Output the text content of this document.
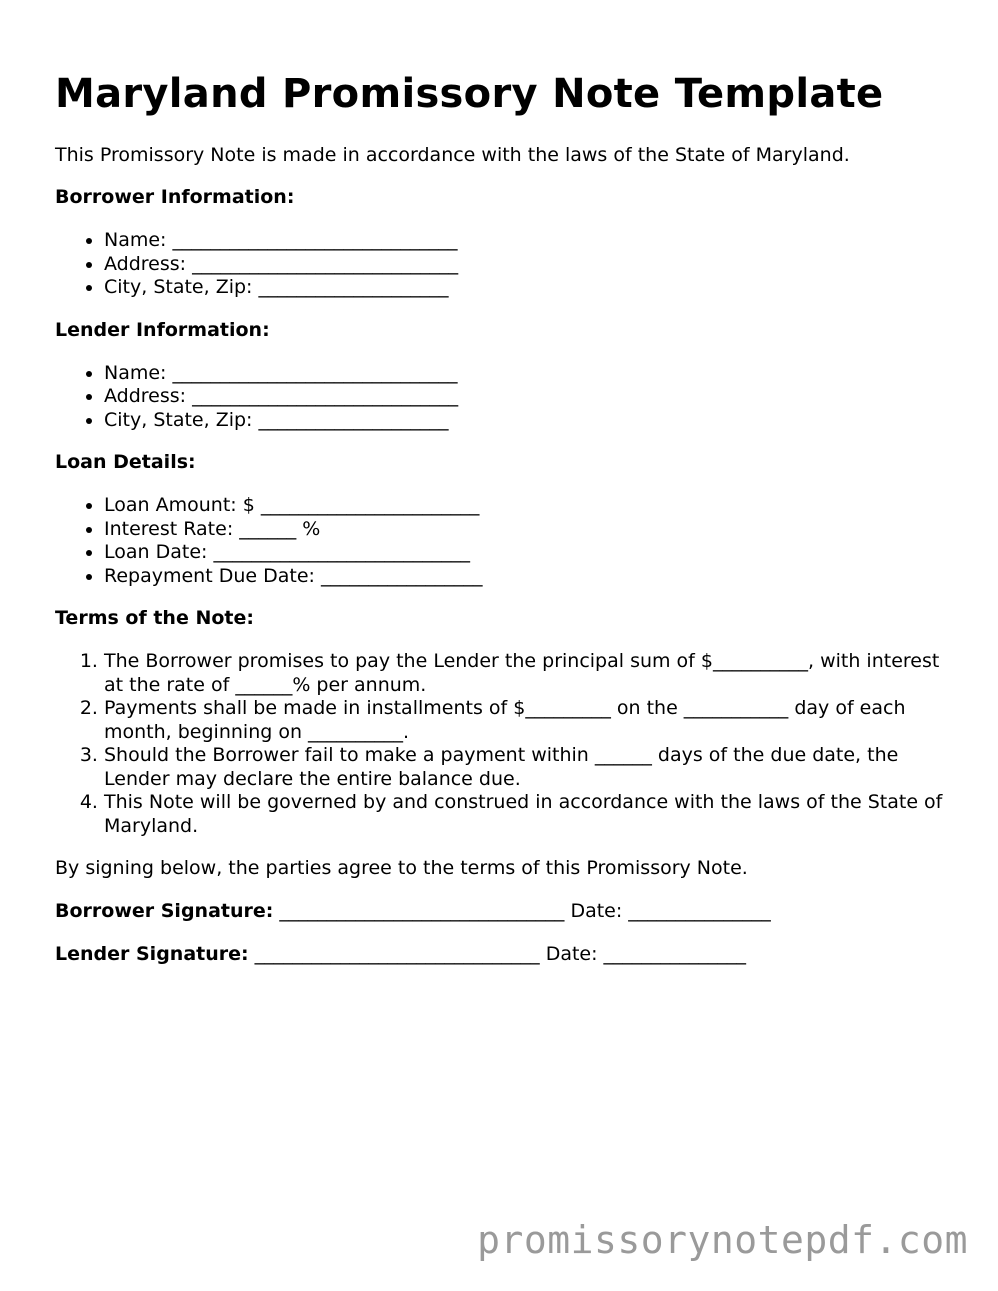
Maryland Promissory Note Template

This Promissory Note is made in accordance with the laws of the State of Maryland.

Borrower Information:
• Name: ______________________________
• Address: ____________________________
• City, State, Zip: ____________________
Lender Information:
• Name: ______________________________
• Address: ____________________________
• City, State, Zip: ____________________
Loan Details:
• Loan Amount: $ _______________________
• Interest Rate: ______ %
• Loan Date: ___________________________
• Repayment Due Date: _________________
Terms of the Note:
1. The Borrower promises to pay the Lender the principal sum of $__________, with interest at the rate of ______% per annum.
2. Payments shall be made in installments of $_________ on the ___________ day of each month, beginning on __________.
3. Should the Borrower fail to make a payment within ______ days of the due date, the Lender may declare the entire balance due.
4. This Note will be governed by and construed in accordance with the laws of the State of Maryland.

By signing below, the parties agree to the terms of this Promissory Note.

Borrower Signature: ______________________________ Date: _______________
Lender Signature: ______________________________ Date: _______________
promissorynotepdf.com
